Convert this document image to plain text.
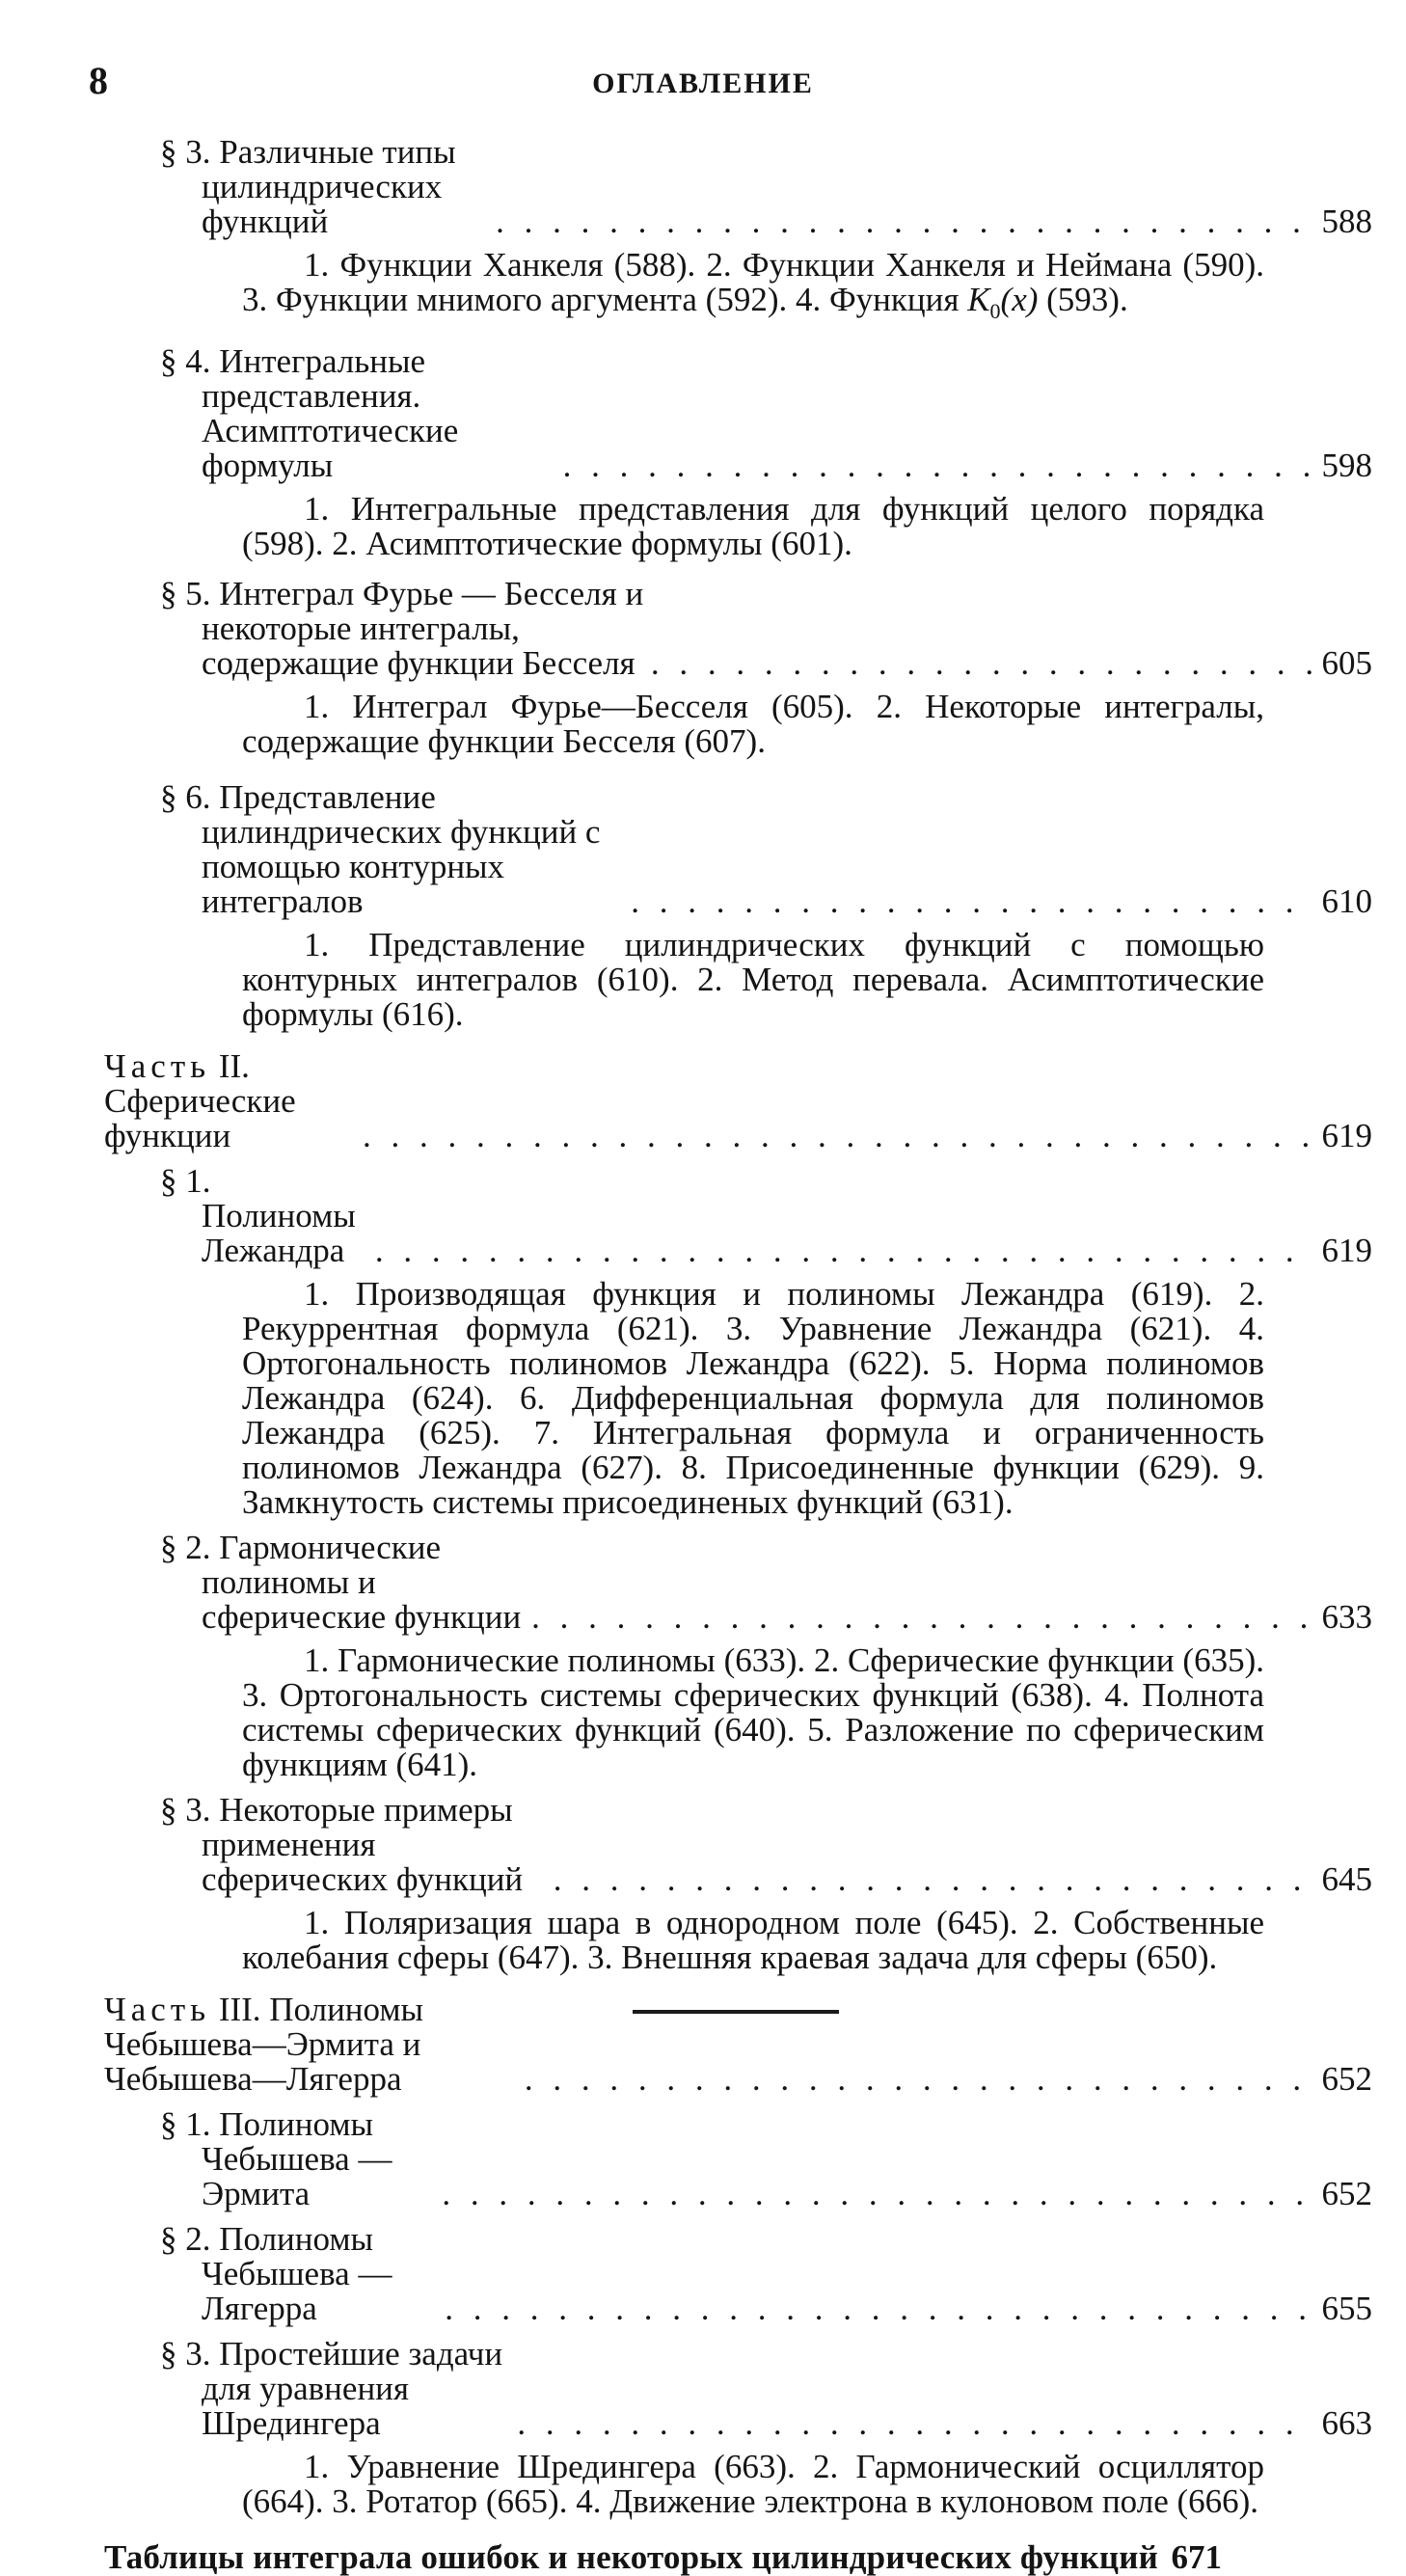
8	ОГЛАВЛЕНИЕ
§ 3. Различные типы цилиндрических функций . . .	588
1. Функции Ханкеля (588). 2. Функции Ханкеля и Неймана (590). 3. Функции мнимого аргумента (592). 4. Функция $K_0(x)$ (593).
§ 4. Интегральные представления. Асимптотические формулы . . .	598
1. Интегральные представления для функций целого порядка (598). 2. Асимптотические формулы (601).
§ 5. Интеграл Фурье — Бесселя и некоторые интегралы, содержащие функции Бесселя . . .	605
1. Интеграл Фурье—Бесселя (605). 2. Некоторые интегралы, содержащие функции Бесселя (607).
§ 6. Представление цилиндрических функций с помощью контурных интегралов . . .	610
1. Представление цилиндрических функций с помощью контурных интегралов (610). 2. Метод перевала. Асимптотические формулы (616).
Часть II. Сферические функции . . .	619
§ 1. Полиномы Лежандра . . .	619
1. Производящая функция и полиномы Лежандра (619). 2. Рекуррентная формула (621). 3. Уравнение Лежандра (621). 4. Ортогональность полиномов Лежандра (622). 5. Норма полиномов Лежандра (624). 6. Дифференциальная формула для полиномов Лежандра (625). 7. Интегральная формула и ограниченность полиномов Лежандра (627). 8. Присоединенные функции (629). 9. Замкнутость системы присоединеных функций (631).
§ 2. Гармонические полиномы и сферические функции . . .	633
1. Гармонические полиномы (633). 2. Сферические функции (635). 3. Ортогональность системы сферических функций (638). 4. Полнота системы сферических функций (640). 5. Разложение по сферическим функциям (641).
§ 3. Некоторые примеры применения сферических функций . . .	645
1. Поляризация шара в однородном поле (645). 2. Собственные колебания сферы (647). 3. Внешняя краевая задача для сферы (650).
Часть III. Полиномы Чебышева—Эрмита и Чебышева—Лягерра . . .	652
§ 1. Полиномы Чебышева — Эрмита . . .	652
§ 2. Полиномы Чебышева — Лягерра . . .	655
§ 3. Простейшие задачи для уравнения Шредингера . . .	663
1. Уравнение Шредингера (663). 2. Гармонический осциллятор (664). 3. Ротатор (665). 4. Движение электрона в кулоновом поле (666).
Таблицы интеграла ошибок и некоторых цилиндрических функций 671
